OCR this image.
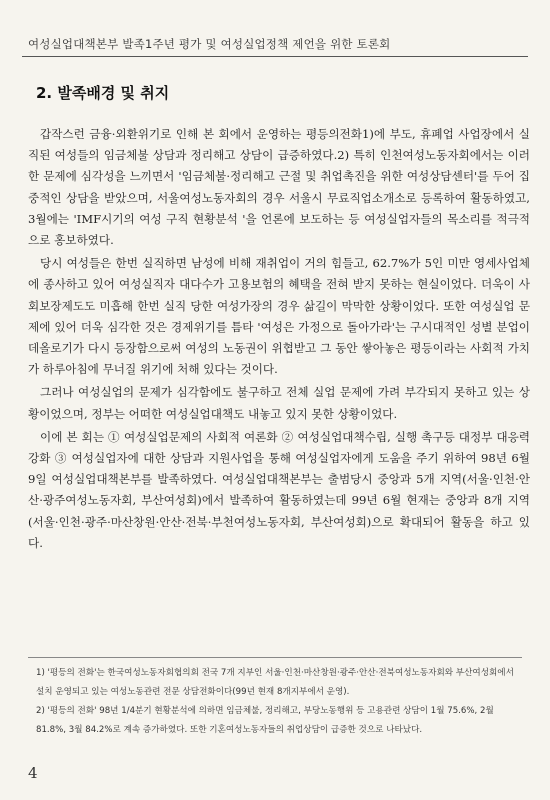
여성실업대책본부 발족1주년 평가 및 여성실업정책 제언을 위한 토론회
2. 발족배경 및 취지

갑작스런 금융·외환위기로 인해 본 회에서 운영하는 평등의전화1)에 부도, 휴폐업 사업장에서 실직된 여성들의 임금체불 상담과 정리해고 상담이 급증하였다.2) 특히 인천여성노동자회에서는 이러한 문제에 심각성을 느끼면서 '임금체불·정리해고 근절 및 취업촉진을 위한 여성상담센터'를 두어 집중적인 상담을 받았으며, 서울여성노동자회의 경우 서울시 무료직업소개소로 등록하여 활동하였고, 3월에는 'IMF시기의 여성 구직 현황분석 '을 언론에 보도하는 등 여성실업자들의 목소리를 적극적으로 홍보하였다.

당시 여성들은 한번 실직하면 남성에 비해 재취업이 거의 힘들고, 62.7%가 5인 미만 영세사업체에 종사하고 있어 여성실직자 대다수가 고용보험의 혜택을 전혀 받지 못하는 현실이었다. 더욱이 사회보장제도도 미흡해 한번 실직 당한 여성가장의 경우 삶길이 막막한 상황이었다. 또한 여성실업 문제에 있어 더욱 심각한 것은 경제위기를 틈타 '여성은 가정으로 돌아가라'는 구시대적인 성별 분업이데올로기가 다시 등장함으로써 여성의 노동권이 위협받고 그 동안 쌓아놓은 평등이라는 사회적 가치가 하루아침에 무너질 위기에 처해 있다는 것이다.

그러나 여성실업의 문제가 심각함에도 불구하고 전체 실업 문제에 가려 부각되지 못하고 있는 상황이었으며, 정부는 어떠한 여성실업대책도 내놓고 있지 못한 상황이었다.

이에 본 회는 ① 여성실업문제의 사회적 여론화 ② 여성실업대책수립, 실행 촉구등 대정부 대응력 강화 ③ 여성실업자에 대한 상담과 지원사업을 통해 여성실업자에게 도움을 주기 위하여 98년 6월 9일 여성실업대책본부를 발족하였다. 여성실업대책본부는 출범당시 중앙과 5개 지역(서울·인천·안산·광주여성노동자회, 부산여성회)에서 발족하여 활동하였는데 99년 6월 현재는 중앙과 8개 지역(서울·인천·광주·마산창원·안산·전북·부천여성노동자회, 부산여성회)으로 확대되어 활동을 하고 있다.

1) '평등의 전화'는 한국여성노동자회협의회 전국 7개 지부인 서울·인천·마산창원·광주·안산·전북여성노동자회와 부산여성회에서 설치 운영되고 있는 여성노동관련 전문 상담전화이다(99년 현재 8개지부에서 운영).

2) '평등의 전화' 98년 1/4분기 현황분석에 의하면 임금체불, 정리해고, 부당노동행위 등 고용관련 상담이 1월 75.6%, 2월 81.8%, 3월 84.2%로 계속 증가하였다. 또한 기혼여성노동자들의 취업상담이 급증한 것으로 나타났다.

4
